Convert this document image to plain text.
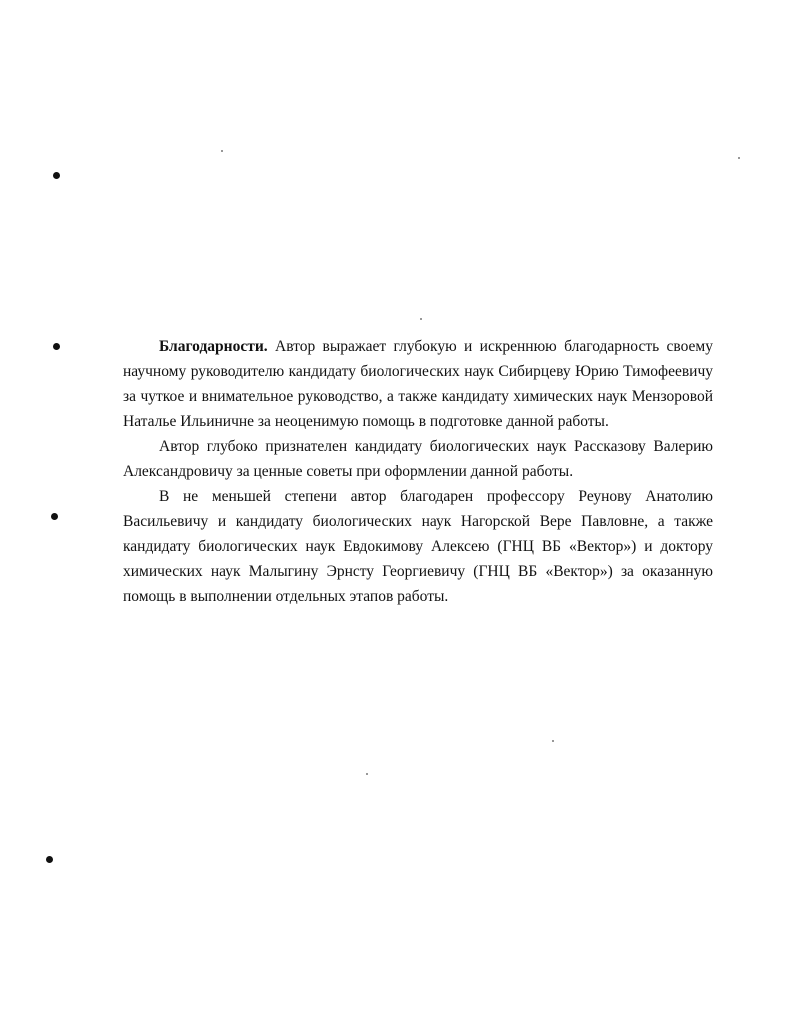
Благодарности. Автор выражает глубокую и искреннюю благодарность своему научному руководителю кандидату биологических наук Сибирцеву Юрию Тимофеевичу за чуткое и внимательное руководство, а также кандидату химических наук Мензоровой Наталье Ильиничне за неоценимую помощь в подготовке данной работы.

Автор глубоко признателен кандидату биологических наук Рассказову Валерию Александровичу за ценные советы при оформлении данной работы.

В не меньшей степени автор благодарен профессору Реунову Анатолию Васильевичу и кандидату биологических наук Нагорской Вере Павловне, а также кандидату биологических наук Евдокимову Алексею (ГНЦ ВБ «Вектор») и доктору химических наук Малыгину Эрнсту Георгиевичу (ГНЦ ВБ «Вектор») за оказанную помощь в выполнении отдельных этапов работы.
